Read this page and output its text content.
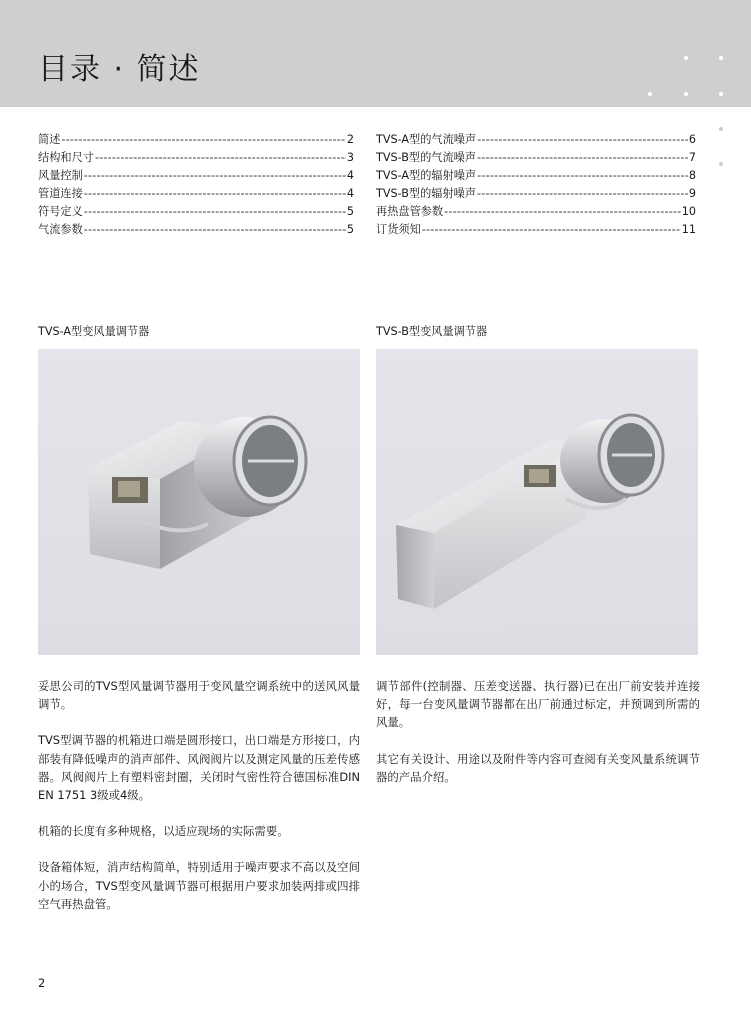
目录 · 简述
简述 -----	2
结构和尺寸 -----	3
风量控制 -----	4
管道连接 -----	4
符号定义 -----	5
气流参数 -----	5
TVS-A型的气流噪声 -----	6
TVS-B型的气流噪声 -----	7
TVS-A型的辐射噪声 -----	8
TVS-B型的辐射噪声 -----	9
再热盘管参数 -----	10
订货须知 -----	11
TVS-A型变风量调节器	TVS-B型变风量调节器

妥思公司的TVS型风量调节器用于变风量空调系统中的送风风量调节。

TVS型调节器的机箱进口端是圆形接口，出口端是方形接口，内部装有降低噪声的消声部件、风阀阀片以及测定风量的压差传感器。风阀阀片上有塑料密封圈，关闭时气密性符合德国标准DIN EN 1751 3级或4级。

机箱的长度有多种规格，以适应现场的实际需要。

设备箱体短，消声结构简单，特别适用于噪声要求不高以及空间小的场合，TVS型变风量调节器可根据用户要求加装两排或四排空气再热盘管。

调节部件(控制器、压差变送器、执行器)已在出厂前安装并连接好，每一台变风量调节器都在出厂前通过标定，并预调到所需的风量。

其它有关设计、用途以及附件等内容可查阅有关变风量系统调节器的产品介绍。

2
